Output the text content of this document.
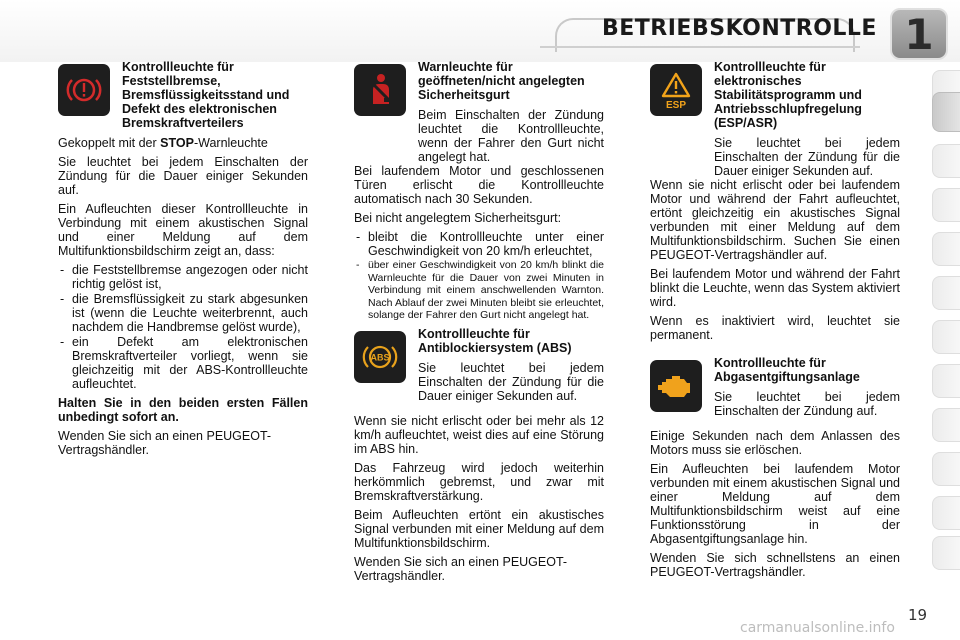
BETRIEBSKONTROLLE 1
Kontrollleuchte für Feststellbremse, Bremsflüssigkeitsstand und Defekt des elektronischen Bremskraftverteilers

Gekoppelt mit der STOP-Warnleuchte

Sie leuchtet bei jedem Einschalten der Zündung für die Dauer einiger Sekunden auf.

Ein Aufleuchten dieser Kontrollleuchte in Verbindung mit einem akustischen Signal und einer Meldung auf dem Multifunktionsbildschirm zeigt an, dass:

- die Feststellbremse angezogen oder nicht richtig gelöst ist,
- die Bremsflüssigkeit zu stark abgesunken ist (wenn die Leuchte weiterbrennt, auch nachdem die Handbremse gelöst wurde),
- ein Defekt am elektronischen Bremskraftverteiler vorliegt, wenn sie gleichzeitig mit der ABS-Kontrollleuchte aufleuchtet.

Halten Sie in den beiden ersten Fällen unbedingt sofort an.

Wenden Sie sich an einen PEUGEOT-Vertragshändler.

Warnleuchte für geöffneten/nicht angelegten Sicherheitsgurt

Beim Einschalten der Zündung leuchtet die Kontrollleuchte, wenn der Fahrer den Gurt nicht angelegt hat.

Bei laufendem Motor und geschlossenen Türen erlischt die Kontrollleuchte automatisch nach 30 Sekunden.

Bei nicht angelegtem Sicherheitsgurt:

- bleibt die Kontrollleuchte unter einer Geschwindigkeit von 20 km/h erleuchtet,
- über einer Geschwindigkeit von 20 km/h blinkt die Warnleuchte für die Dauer von zwei Minuten in Verbindung mit einem anschwellenden Warnton. Nach Ablauf der zwei Minuten bleibt sie erleuchtet, solange der Fahrer den Gurt nicht angelegt hat.
ABS
Kontrollleuchte für Antiblockiersystem (ABS)

Sie leuchtet bei jedem Einschalten der Zündung für die Dauer einiger Sekunden auf.

Wenn sie nicht erlischt oder bei mehr als 12 km/h aufleuchtet, weist dies auf eine Störung im ABS hin.

Das Fahrzeug wird jedoch weiterhin herkömmlich gebremst, und zwar mit Bremskraftverstärkung.

Beim Aufleuchten ertönt ein akustisches Signal verbunden mit einer Meldung auf dem Multifunktionsbildschirm.

Wenden Sie sich an einen PEUGEOT-Vertragshändler.

ESP
Kontrollleuchte für elektronisches Stabilitätsprogramm und Antriebsschlupfregelung (ESP/ASR)

Sie leuchtet bei jedem Einschalten der Zündung für die Dauer einiger Sekunden auf.

Wenn sie nicht erlischt oder bei laufendem Motor und während der Fahrt aufleuchtet, ertönt gleichzeitig ein akustisches Signal verbunden mit einer Meldung auf dem Multifunktionsbildschirm. Suchen Sie einen PEUGEOT-Vertragshändler auf.

Bei laufendem Motor und während der Fahrt blinkt die Leuchte, wenn das System aktiviert wird.

Wenn es inaktiviert wird, leuchtet sie permanent.

Kontrollleuchte für Abgasentgiftungsanlage

Sie leuchtet bei jedem Einschalten der Zündung auf.

Einige Sekunden nach dem Anlassen des Motors muss sie erlöschen.

Ein Aufleuchten bei laufendem Motor verbunden mit einem akustischen Signal und einer Meldung auf dem Multifunktionsbildschirm weist auf eine Funktionsstörung in der Abgasentgiftungsanlage hin.

Wenden Sie sich schnellstens an einen PEUGEOT-Vertragshändler.

carmanualsonline.info
19
